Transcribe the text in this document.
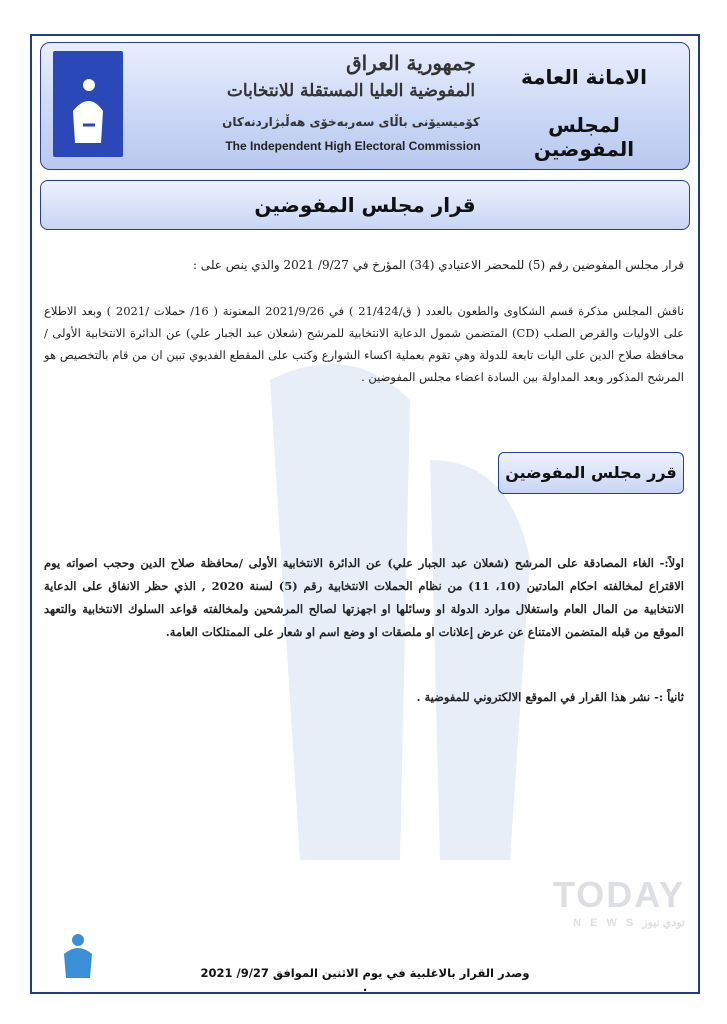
جمهورية العراق
المفوضية العليا المستقلة للانتخابات
كۆمیسیۆنی باڵای سەربەخۆی هەڵبژاردنەکان
The Independent High Electoral Commission
الامانة العامة
لمجلس المفوضين
قرار مجلس المفوضين
قرار مجلس المفوضين رقم (5) للمحضر الاعتيادي (34) المؤرخ في 9/27/ 2021 والذي ينص على :
ناقش المجلس مذكرة قسم الشكاوى والطعون بالعدد ( ق/21/424 ) في 2021/9/26 المعنونة ( 16/ حملات /2021 ) وبعد الاطلاع على الاوليات والقرص الصلب (CD) المتضمن شمول الدعاية الانتخابية للمرشح (شعلان عبد الجبار علي) عن الدائرة الانتخابية الأولى /محافظة صلاح الدين على اليات تابعة للدولة وهي تقوم بعملية اكساء الشوارع وكتب على المقطع الفديوي تبين ان من قام بالتخصيص هو المرشح المذكور وبعد المداولة بين السادة اعضاء مجلس المفوضين .
قرر مجلس المفوضين
اولاً:- الغاء المصادقة على المرشح (شعلان عبد الجبار علي) عن الدائرة الانتخابية الأولى /محافظة صلاح الدين وحجب اصواته يوم الاقتراع لمخالفته احكام المادتين (10، 11) من نظام الحملات الانتخابية رقم (5) لسنة 2020 , الذي حظر الانفاق على الدعاية الانتخابية من المال العام واستغلال موارد الدولة او وسائلها او اجهزتها لصالح المرشحين ولمخالفته قواعد السلوك الانتخابية والتعهد الموقع من قبله المتضمن الامتناع عن عرض إعلانات او ملصقات او وضع اسم او شعار على الممتلكات العامة.
ثانياً :- نشر هذا القرار في الموقع الالكتروني للمفوضية .
TODAY
N E W S تودي نيوز
وصدر القرار بالاغلبية في يوم الاثنين الموافق 9/27/ 2021 .
